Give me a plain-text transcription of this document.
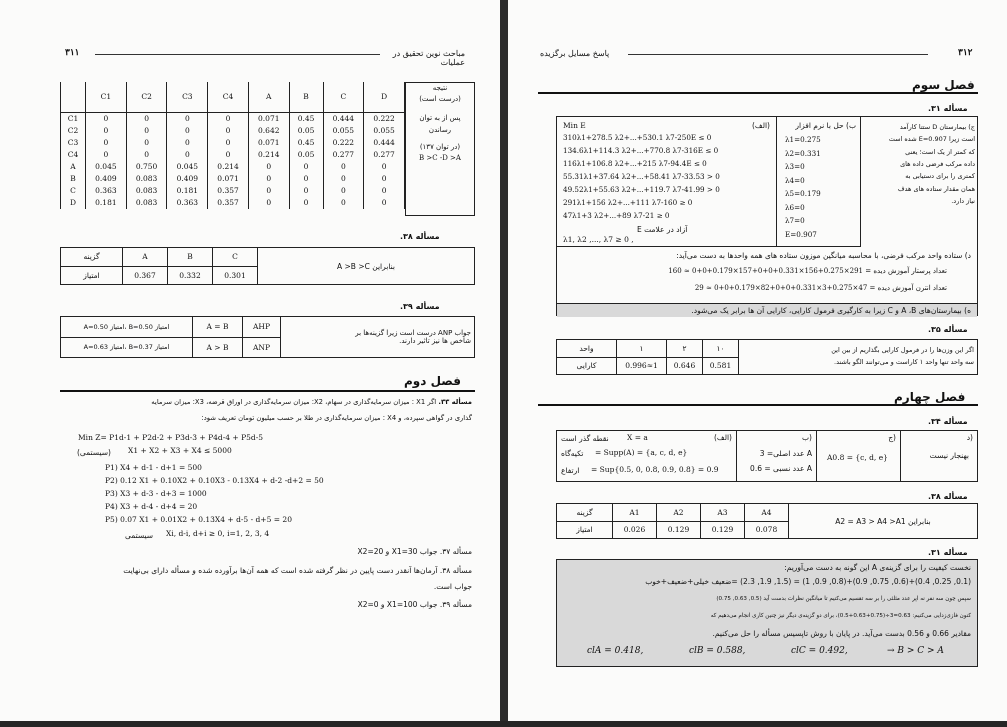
۳۱۱	مباحث نوین تحقیق در عملیات
	C1	C2	C3	C4	A	B	C	D
C1	0	0	0	0	0.071	0.45	0.444	0.222
C2	0	0	0	0	0.642	0.05	0.055	0.055
C3	0	0	0	0	0.071	0.45	0.222	0.444
C4	0	0	0	0	0.214	0.05	0.277	0.277
A	0.045	0.750	0.045	0.214	0	0	0	0
B	0.409	0.083	0.409	0.071	0	0	0	0
C	0.363	0.083	0.181	0.357	0	0	0	0
D	0.181	0.083	0.363	0.357	0	0	0	0
نتیجه
(درست است)
پس از به توان
رساندن
(در توان ۱۳۷)
B >C -D >A
مسأله ۳۸.
گزینه	A	B	C	بنابراین A >B >C
امتیاز	0.367	0.332	0.301	
مسأله ۳۹.
امتیاز B=0.50 ،امتیاز A=0.50	A = B	AHP	جواب ANP درست است زیرا گزینه‌ها بر
شاخص ها نیز تاثیر دارند.

امتیاز B=0.37 ،امتیاز A=0.63	A > B	ANP	
فصل دوم
مسأله ۳۳. اگر X1 : میزان سرمایه‌گذاری در سهام، X2: میزان سرمایه‌گذاری در اوراق قرضه، X3: میزان سرمایه‌
گذاری در گواهی سپرده، و X4 : میزان سرمایه‌گذاری در طلا بر حسب میلیون تومان تعریف شود:
Min Z= P1d-1 + P2d-2 + P3d-3 + P4d-4 + P5d-5
(سیستمی) X1 + X2 + X3 + X4 ≤ 5000
P1) X4 + d-1 - d+1 = 500
P2) 0.12 X1 + 0.10X2 + 0.10X3 - 0.13X4 + d-2 -d+2 = 50
P3) X3 + d-3 - d+3 = 1000
P4) X3 + d-4 - d+4 = 20
P5) 0.07 X1 + 0.01X2 + 0.13X4 + d-5 - d+5 = 20
سیستمی Xi, d-i, d+i ≥ 0, i=1, 2, 3, 4
مسأله ۳۷. جواب X1=30 و X2=20
مسأله ۳۸. آرمان‌ها آنقدر دست پایین در نظر گرفته شده است که همه آن‌ها برآورده شده و مسأله دارای بی‌نهایت
جواب است.
مسأله ۳۹. جواب X1=100 و X2=0
پاسخ مسایل برگزیده	۳۱۲
فصل سوم
مسأله ۳۱.
Min E	(الف)
310λ1+278.5 λ2+...+530.1 λ7-250E ≤ 0
134.6λ1+114.3 λ2+...+770.8 λ7-316E ≤ 0
116λ1+106.8 λ2+...+215 λ7-94.4E ≤ 0
55.31λ1+37.64 λ2+...+58.41 λ7-33.53 > 0
49.52λ1+55.63 λ2+...+119.7 λ7-41.99 > 0
291λ1+156 λ2+...+111 λ7-160 ≥ 0
47λ1+3 λ2+...+89 λ7-21 ≥ 0
آزاد در علامت E
λ1, λ2 ,..., λ7 ≥ 0 ,
ب) حل با نرم افزار
λ1=0.275
λ2=0.331
λ3=0
λ4=0
λ5=0.179
λ6=0
λ7=0
E=0.907
ج) بیمارستان D ستتا کارآمد
است زیرا E=0.907 شده است
که کمتر از یک است؛ یعنی
داده مرکب فرضی داده های
کمتری را برای دستیابی به
همان مقدار ستاده های هدف
نیاز دارد.
د) ستاده واحد مرکب فرضی، با محاسبه میانگین موزون ستاده های همه واحدها به دست می‌آید:
تعداد پرستار آموزش دیده = 291×0.275+156×0.331+0+0+157×0.179+0+0 ≈ 160
تعداد انترن آموزش دیده = 47×0.275+3×0.331+0+0+82×0.179+0+0 ≈ 29
ه) بیمارستان‌های A ،B و C زیرا به کارگیری فرمول کارایی، کارایی آن ها برابر یک می‌شود.
مسأله ۳۵.
واحد	۱	۲	۱۰	اگر این وزن‌ها را در فرمول کارایی بگذاریم از بین این
سه واحد تنها واحد ۱ کاراست و می‌توانند الگو باشند.

کارایی	0.996≈1	0.646	0.581	
فصل چهارم
مسأله ۳۴.
(الف)
نقطه گذر است X = a
تکیه‌گاه = Supp(A) = {a, c, d, e}
ارتفاع = Sup{0.5, 0, 0.8, 0.9, 0.8} = 0.9
(ب
A عدد اصلی= 3
A عدد نسبی = 0.6
(ج
A0.8 = {c, d, e}
(د
بهنجار نیست
مسأله ۳۸.
گزینه	A1	A2	A3	A4	بنابراین A2 = A3 > A4 >A1
امتیاز	0.026	0.129	0.129	0.078	
مسأله ۳۱.
نخست کیفیت را برای گزینه‌ی A این گونه به دست می‌آوریم:
(0.1, 0.25, 0.4)+(0.6, 0.75, 0.9)+(0.8, 0.9, 1) = (1.5, 1.9, 2.3) =ضعیف خیلی+ضعیف+خوب
سپس چون سه نفر نه اپر عدد مثلثی را بر سه تقسیم می‌کنیم تا میانگین نظرات بدست آید (0.5, 0.63, 0.75)
کنون فازی‌زدایی می‌کنیم: 0.63=3÷(0.75+0.63+0.5)، برای دو گزینه‌ی دیگر نیز چنین کاری انجام می‌دهیم که
مقادیر 0.66 و 0.56 بدست می‌آید. در پایان با روش تاپسیس مسأله را حل می‌کنیم.
clA = 0.418,	clB = 0.588,	clC = 0.492,	→ B > C > A
